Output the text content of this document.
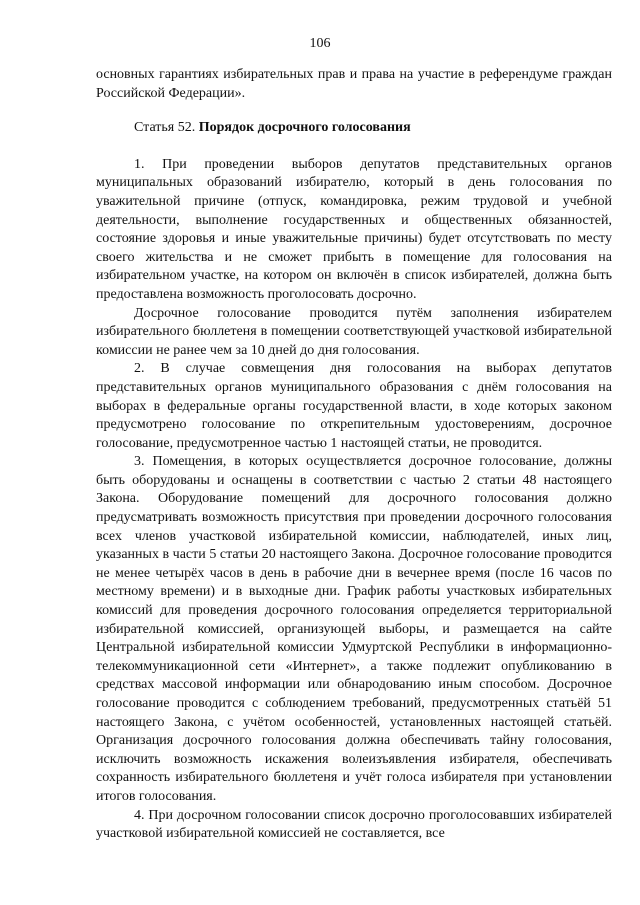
106

основных гарантиях избирательных прав и права на участие в референдуме граждан Российской Федерации».

Статья 52. Порядок досрочного голосования

1. При проведении выборов депутатов представительных органов муниципальных образований избирателю, который в день голосования по уважительной причине (отпуск, командировка, режим трудовой и учебной деятельности, выполнение государственных и общественных обязанностей, состояние здоровья и иные уважительные причины) будет отсутствовать по месту своего жительства и не сможет прибыть в помещение для голосования на избирательном участке, на котором он включён в список избирателей, должна быть предоставлена возможность проголосовать досрочно.

Досрочное голосование проводится путём заполнения избирателем избирательного бюллетеня в помещении соответствующей участковой избирательной комиссии не ранее чем за 10 дней до дня голосования.

2. В случае совмещения дня голосования на выборах депутатов представительных органов муниципального образования с днём голосования на выборах в федеральные органы государственной власти, в ходе которых законом предусмотрено голосование по открепительным удостоверениям, досрочное голосование, предусмотренное частью 1 настоящей статьи, не проводится.

3. Помещения, в которых осуществляется досрочное голосование, должны быть оборудованы и оснащены в соответствии с частью 2 статьи 48 настоящего Закона. Оборудование помещений для досрочного голосования должно предусматривать возможность присутствия при проведении досрочного голосования всех членов участковой избирательной комиссии, наблюдателей, иных лиц, указанных в части 5 статьи 20 настоящего Закона. Досрочное голосование проводится не менее четырёх часов в день в рабочие дни в вечернее время (после 16 часов по местному времени) и в выходные дни. График работы участковых избирательных комиссий для проведения досрочного голосования определяется территориальной избирательной комиссией, организующей выборы, и размещается на сайте Центральной избирательной комиссии Удмуртской Республики в информационно-телекоммуникационной сети «Интернет», а также подлежит опубликованию в средствах массовой информации или обнародованию иным способом. Досрочное голосование проводится с соблюдением требований, предусмотренных статьёй 51 настоящего Закона, с учётом особенностей, установленных настоящей статьёй. Организация досрочного голосования должна обеспечивать тайну голосования, исключить возможность искажения волеизъявления избирателя, обеспечивать сохранность избирательного бюллетеня и учёт голоса избирателя при установлении итогов голосования.

4. При досрочном голосовании список досрочно проголосовавших избирателей участковой избирательной комиссией не составляется, все
